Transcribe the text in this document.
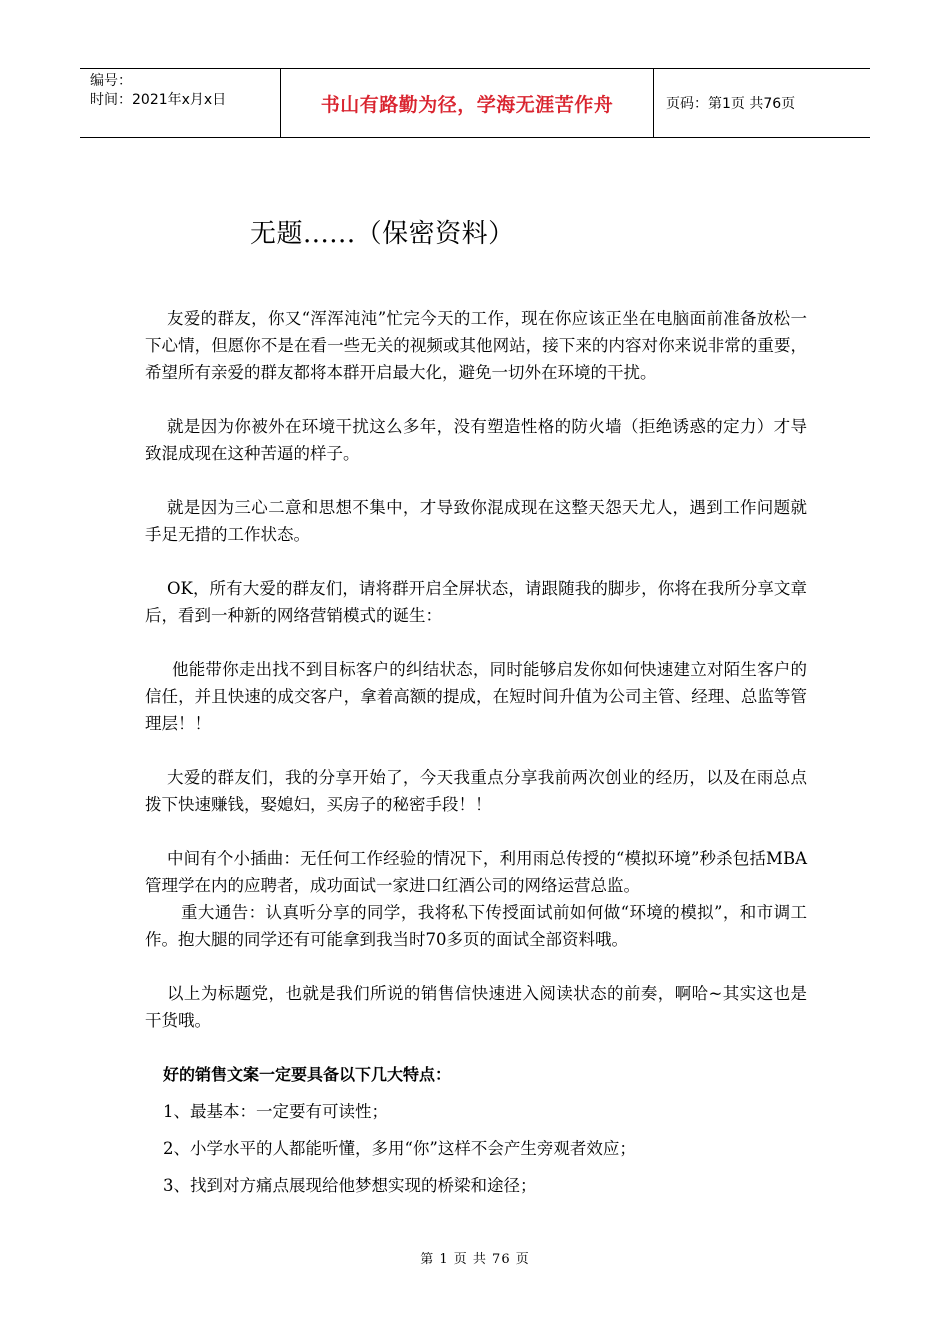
编号：
时间：2021年x月x日	书山有路勤为径，学海无涯苦作舟	页码：第1页 共76页
无题......（保密资料）

友爱的群友，你又“浑浑沌沌”忙完今天的工作，现在你应该正坐在电脑面前准备放松一下心情，但愿你不是在看一些无关的视频或其他网站，接下来的内容对你来说非常的重要，希望所有亲爱的群友都将本群开启最大化，避免一切外在环境的干扰。

就是因为你被外在环境干扰这么多年，没有塑造性格的防火墙（拒绝诱惑的定力）才导致混成现在这种苦逼的样子。

就是因为三心二意和思想不集中，才导致你混成现在这整天怨天尤人，遇到工作问题就手足无措的工作状态。

OK，所有大爱的群友们，请将群开启全屏状态，请跟随我的脚步，你将在我所分享文章后，看到一种新的网络营销模式的诞生：

他能带你走出找不到目标客户的纠结状态，同时能够启发你如何快速建立对陌生客户的信任，并且快速的成交客户，拿着高额的提成，在短时间升值为公司主管、经理、总监等管理层！！

大爱的群友们，我的分享开始了，今天我重点分享我前两次创业的经历，以及在雨总点拨下快速赚钱，娶媳妇，买房子的秘密手段！！

中间有个小插曲：无任何工作经验的情况下，利用雨总传授的“模拟环境”秒杀包括MBA管理学在内的应聘者，成功面试一家进口红酒公司的网络运营总监。

重大通告：认真听分享的同学，我将私下传授面试前如何做“环境的模拟”，和市调工作。抱大腿的同学还有可能拿到我当时70多页的面试全部资料哦。

以上为标题党，也就是我们所说的销售信快速进入阅读状态的前奏，啊哈~其实这也是干货哦。

好的销售文案一定要具备以下几大特点：

1、最基本：一定要有可读性；

2、小学水平的人都能听懂，多用“你”这样不会产生旁观者效应；

3、找到对方痛点展现给他梦想实现的桥梁和途径；

第 1 页 共 76 页
